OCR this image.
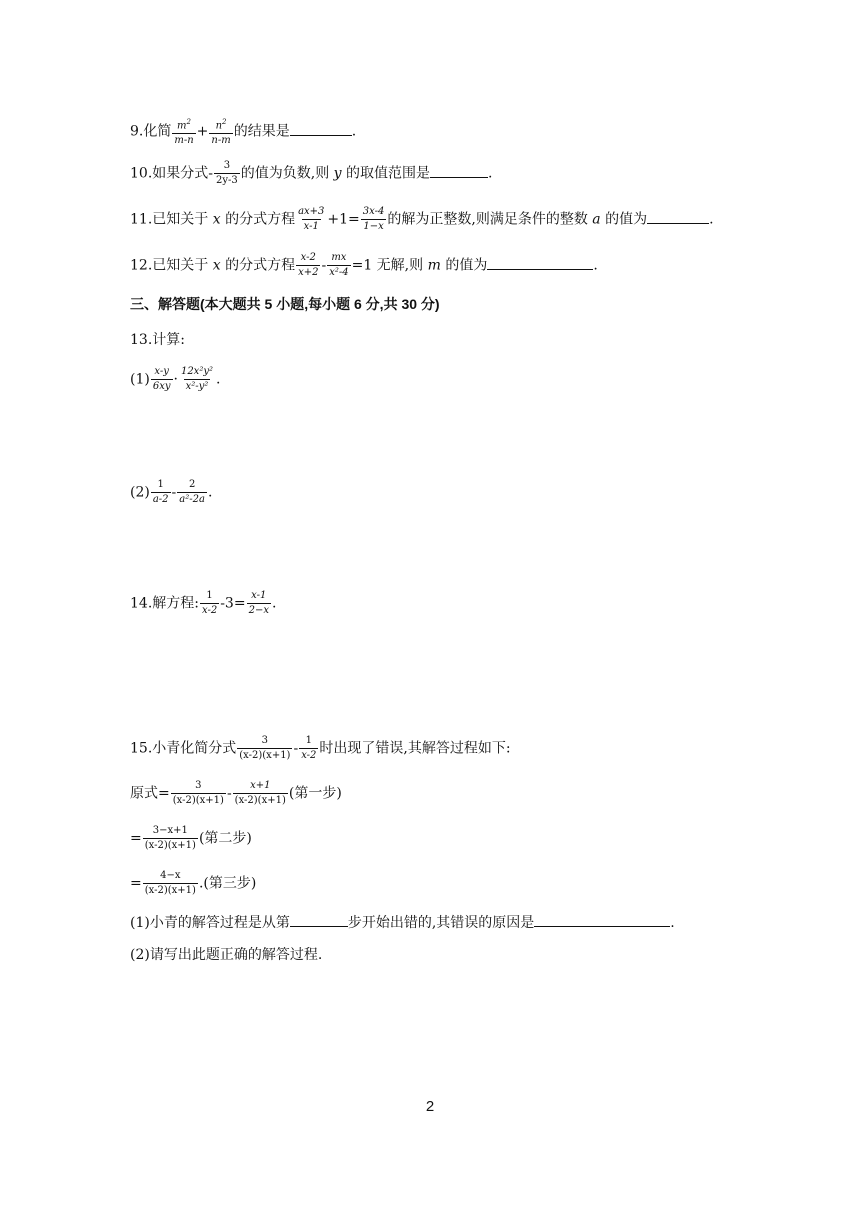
9.化简 $\frac{m^2}{m-n} + \frac{n^2}{n-m}$ 的结果是	.
10.如果分式- $\frac{3}{2y-3}$ 的值为负数,则 y 的取值范围是	.
11.已知关于 x 的分式方程 $\frac{ax+3}{x-1} +1= \frac{3x-4}{1-x}$ 的解为正整数,则满足条件的整数 a 的值为	.
12.已知关于 x 的分式方程 $\frac{x-2}{x+2} - \frac{mx}{\text{x²-4}} =1$ 无解,则 m 的值为	.
三、解答题(本大题共 5 小题,每小题 6 分,共 30 分)
13.计算:
$(1) \frac{x-y}{6xy} \cdot \frac{\text{12x²y²}}{\text{x²-y²}}$ .
$(2) \frac{1}{a-2} - \frac{2}{\text{a²-2a}}$ .
14.解方程: $\frac{1}{x-2} -3= \frac{x-1}{2-x}$ .
15.小青化简分式 $\frac{3}{(x-2)(x+1)} - \frac{1}{x-2}$ 时出现了错误,其解答过程如下:
原式= $\frac{3}{(x-2)(x+1)} - \frac{x+1}{(x-2)(x+1)}$ (第一步)
= $\frac{3-x+1}{(x-2)(x+1)}$ (第二步)
= $\frac{4-x}{(x-2)(x+1)}$ .(第三步)
(1)小青的解答过程是从第	步开始出错的,其错误的原因是	.
(2)请写出此题正确的解答过程.
2
